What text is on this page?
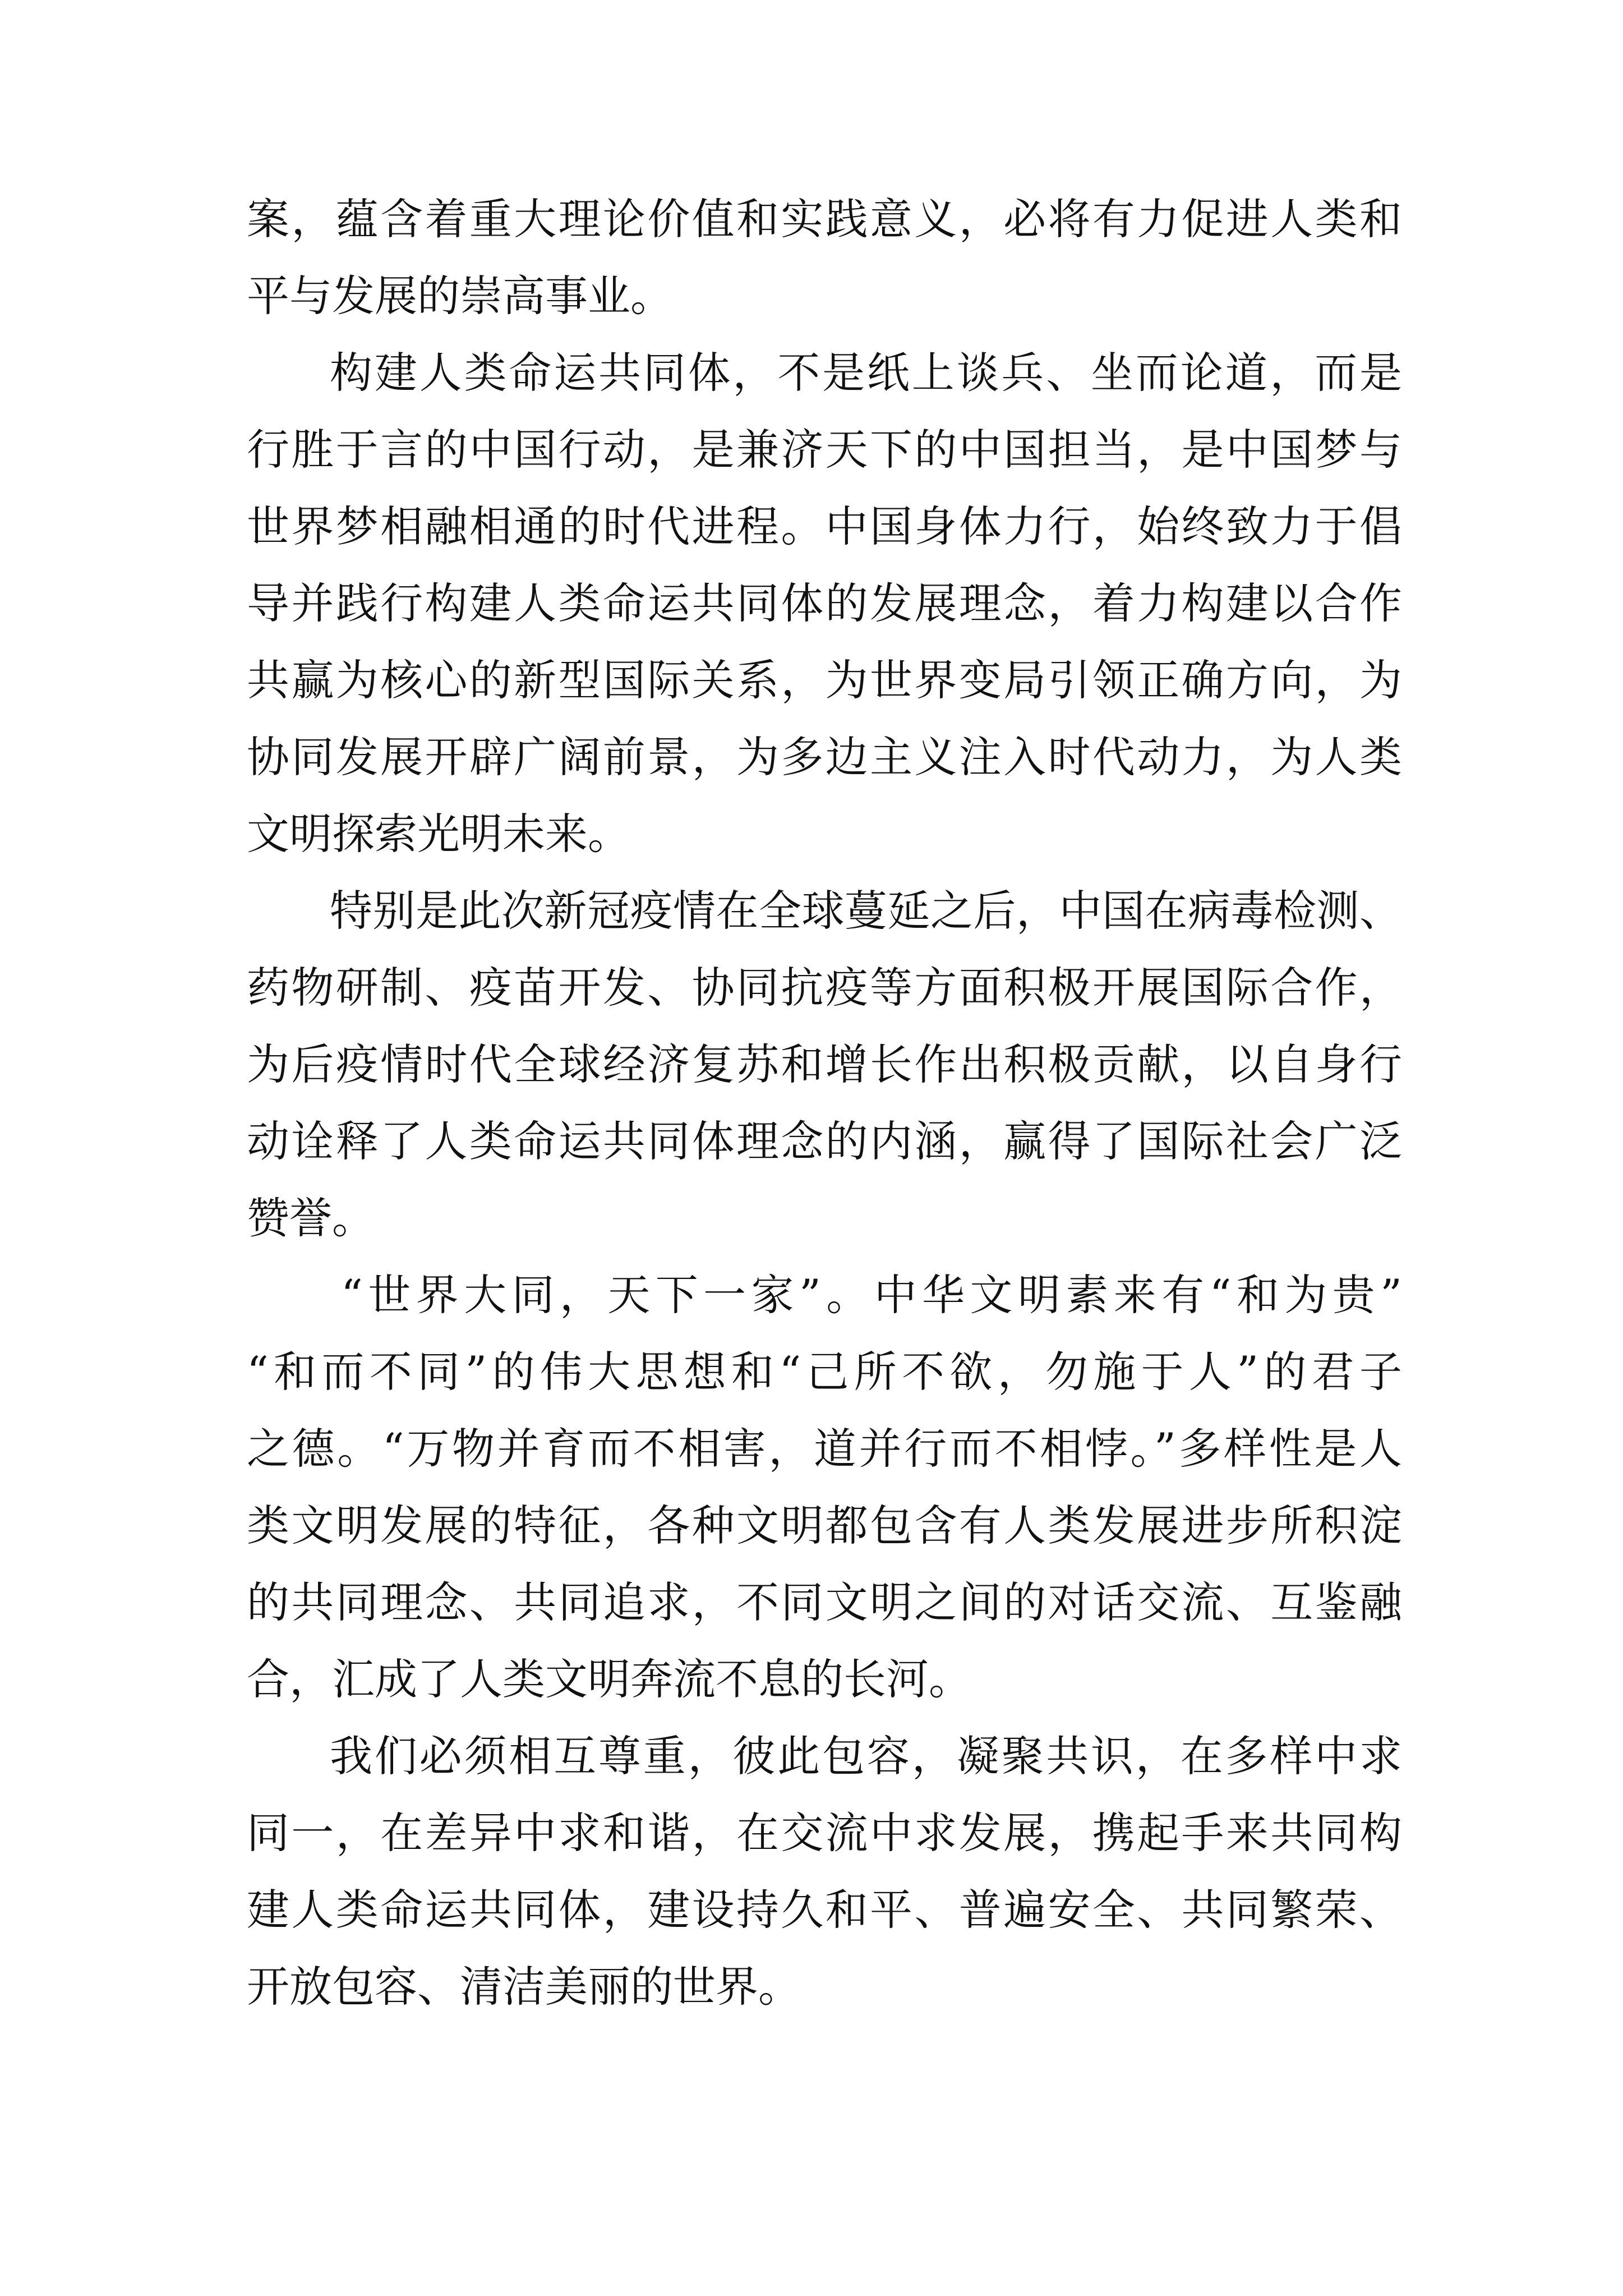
案，蕴含着重大理论价值和实践意义，必将有力促进人类和
平与发展的崇高事业。
构建人类命运共同体，不是纸上谈兵、坐而论道，而是
行胜于言的中国行动，是兼济天下的中国担当，是中国梦与
世界梦相融相通的时代进程。中国身体力行，始终致力于倡
导并践行构建人类命运共同体的发展理念，着力构建以合作
共赢为核心的新型国际关系，为世界变局引领正确方向，为
协同发展开辟广阔前景，为多边主义注入时代动力，为人类
文明探索光明未来。
特别是此次新冠疫情在全球蔓延之后，中国在病毒检测、
药物研制、疫苗开发、协同抗疫等方面积极开展国际合作，
为后疫情时代全球经济复苏和增长作出积极贡献，以自身行
动诠释了人类命运共同体理念的内涵，赢得了国际社会广泛
赞誉。
“世界大同，天下一家”。中华文明素来有“和为贵”
“和而不同”的伟大思想和“己所不欲，勿施于人”的君子
之德。“万物并育而不相害，道并行而不相悖。”多样性是人
类文明发展的特征，各种文明都包含有人类发展进步所积淀
的共同理念、共同追求，不同文明之间的对话交流、互鉴融
合，汇成了人类文明奔流不息的长河。
我们必须相互尊重，彼此包容，凝聚共识，在多样中求
同一，在差异中求和谐，在交流中求发展，携起手来共同构
建人类命运共同体，建设持久和平、普遍安全、共同繁荣、
开放包容、清洁美丽的世界。
